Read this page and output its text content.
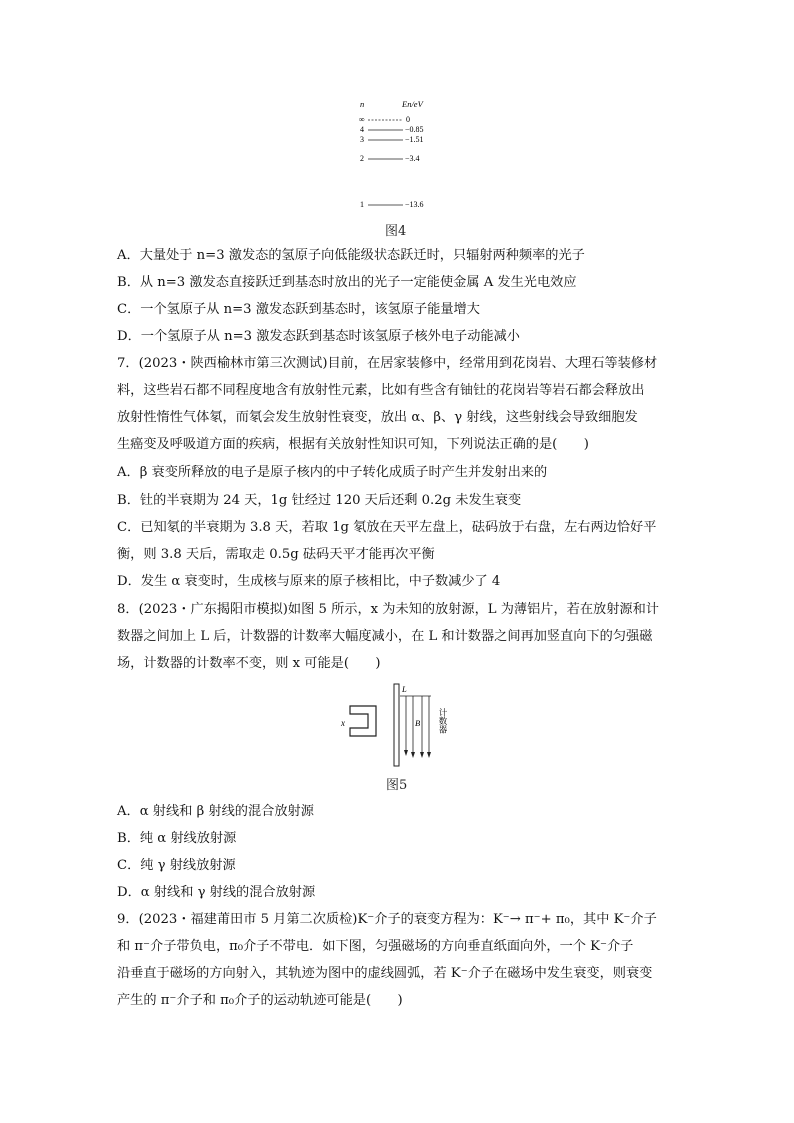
n	En/eV
∞	0
4	−0.85
3	−1.51
2	−3.4
1	−13.6
图4
A．大量处于 n=3 激发态的氢原子向低能级状态跃迁时，只辐射两种频率的光子
B．从 n=3 激发态直接跃迁到基态时放出的光子一定能使金属 A 发生光电效应
C．一个氢原子从 n=3 激发态跃到基态时，该氢原子能量增大
D．一个氢原子从 n=3 激发态跃到基态时该氢原子核外电子动能减小
7．(2023・陕西榆林市第三次测试)目前，在居家装修中，经常用到花岗岩、大理石等装修材
料，这些岩石都不同程度地含有放射性元素，比如有些含有铀钍的花岗岩等岩石都会释放出
放射性惰性气体氡，而氡会发生放射性衰变，放出 α、β、γ 射线，这些射线会导致细胞发
生癌变及呼吸道方面的疾病，根据有关放射性知识可知，下列说法正确的是(　　)
A．β 衰变所释放的电子是原子核内的中子转化成质子时产生并发射出来的
B．钍的半衰期为 24 天，1g 钍经过 120 天后还剩 0.2g 未发生衰变
C．已知氡的半衰期为 3.8 天，若取 1g 氡放在天平左盘上，砝码放于右盘，左右两边恰好平
衡，则 3.8 天后，需取走 0.5g 砝码天平才能再次平衡
D．发生 α 衰变时，生成核与原来的原子核相比，中子数减少了 4
8．(2023・广东揭阳市模拟)如图 5 所示，x 为未知的放射源，L 为薄铝片，若在放射源和计
数器之间加上 L 后，计数器的计数率大幅度减小，在 L 和计数器之间再加竖直向下的匀强磁
场，计数器的计数率不变，则 x 可能是(　　)
x
L
B 计数器
图5
A．α 射线和 β 射线的混合放射源
B．纯 α 射线放射源
C．纯 γ 射线放射源
D．α 射线和 γ 射线的混合放射源
9．(2023・福建莆田市 5 月第二次质检)K⁻介子的衰变方程为：K⁻→ π⁻+ π₀，其中 K⁻介子
和 π⁻介子带负电，π₀介子不带电．如下图，匀强磁场的方向垂直纸面向外，一个 K⁻介子
沿垂直于磁场的方向射入，其轨迹为图中的虚线圆弧，若 K⁻介子在磁场中发生衰变，则衰变
产生的 π⁻介子和 π₀介子的运动轨迹可能是(　　)
